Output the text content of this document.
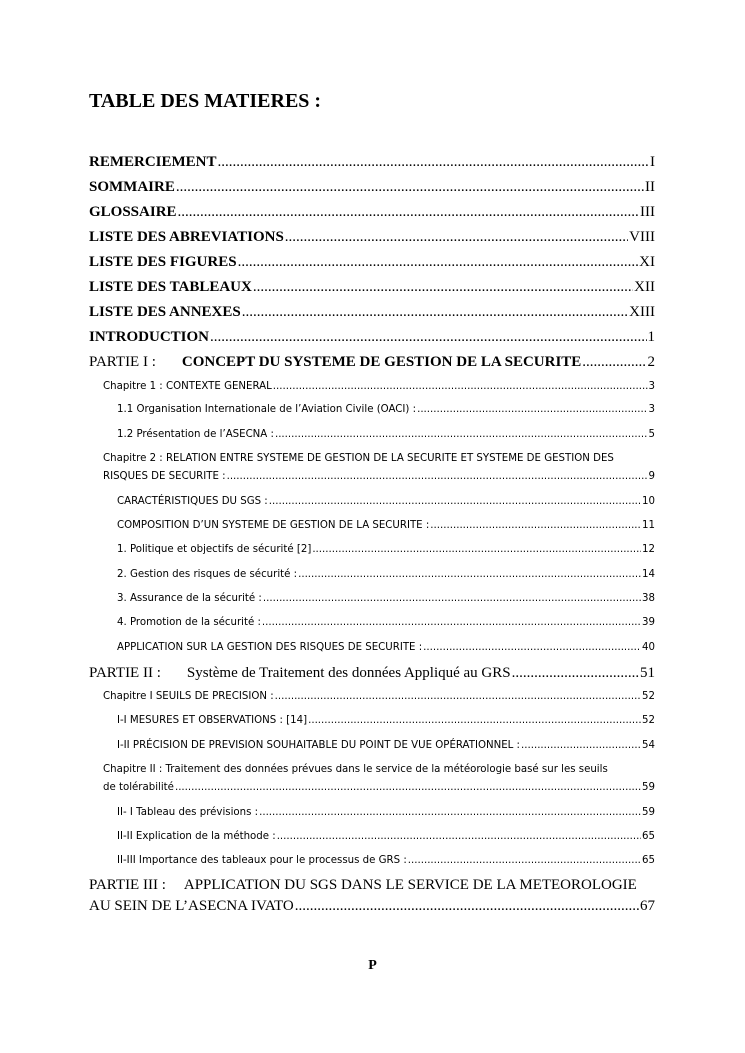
TABLE DES MATIERES :
REMERCIEMENT .....	I
SOMMAIRE .....	II
GLOSSAIRE .....	III
LISTE DES ABREVIATIONS .....	VIII
LISTE DES FIGURES .....	XI
LISTE DES TABLEAUX .....	XII
LISTE DES ANNEXES .....	XIII
INTRODUCTION .....	1
PARTIE I : CONCEPT DU SYSTEME DE GESTION DE LA SECURITE .....	2
Chapitre 1 : CONTEXTE GENERAL .....	3
1.1 Organisation Internationale de l’Aviation Civile (OACI) : .....	3
1.2 Présentation de l’ASECNA : .....	5
Chapitre 2 : RELATION ENTRE SYSTEME DE GESTION DE LA SECURITE ET SYSTEME DE GESTION DES
RISQUES DE SECURITE : .....	9
CARACTÉRISTIQUES DU SGS : .....	10
COMPOSITION D’UN SYSTEME DE GESTION DE LA SECURITE : .....	11
1. Politique et objectifs de sécurité [2] .....	12
2. Gestion des risques de sécurité : .....	14
3. Assurance de la sécurité : .....	38
4. Promotion de la sécurité : .....	39
APPLICATION SUR LA GESTION DES RISQUES DE SECURITE : .....	40
PARTIE II : Système de Traitement des données Appliqué au GRS .....	51
Chapitre I SEUILS DE PRECISION : .....	52
I-I MESURES ET OBSERVATIONS : [14] .....	52
I-II PRÉCISION DE PREVISION SOUHAITABLE DU POINT DE VUE OPÉRATIONNEL : .....	54
Chapitre II : Traitement des données prévues dans le service de la météorologie basé sur les seuils
de tolérabilité .....	59
II- I Tableau des prévisions : .....	59
II-II Explication de la méthode : .....	65
II-III Importance des tableaux pour le processus de GRS : .....	65
PARTIE III : APPLICATION DU SGS DANS LE SERVICE DE LA METEOROLOGIE
AU SEIN DE L’ASECNA IVATO .....	67
P
